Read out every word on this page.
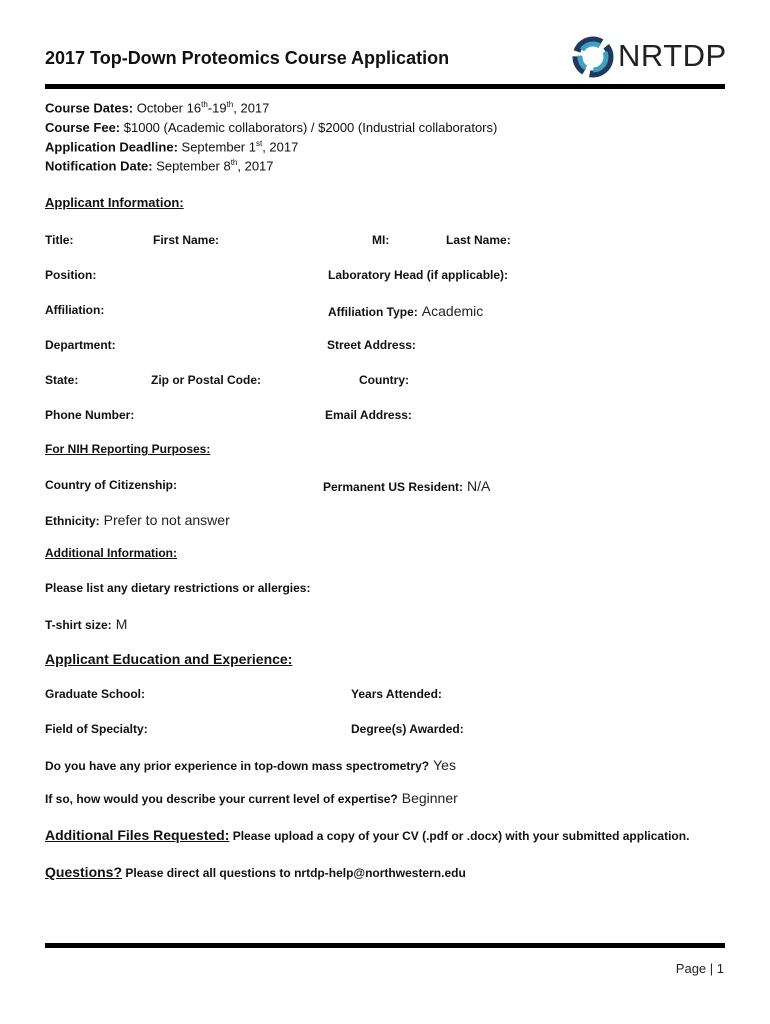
2017 Top-Down Proteomics Course Application	NRTDP
Course Dates: October 16th-19th, 2017
Course Fee: $1000 (Academic collaborators) / $2000 (Industrial collaborators)
Application Deadline: September 1st, 2017
Notification Date: September 8th, 2017
Applicant Information:
Title:	First Name:	MI:	Last Name:
Position:	Laboratory Head (if applicable):
Affiliation:	Affiliation Type: Academic
Department:	Street Address:
State:	Zip or Postal Code:	Country:
Phone Number:	Email Address:
For NIH Reporting Purposes:
Country of Citizenship:	Permanent US Resident: N/A
Ethnicity: Prefer to not answer
Additional Information:
Please list any dietary restrictions or allergies:
T-shirt size: M
Applicant Education and Experience:
Graduate School:	Years Attended:
Field of Specialty:	Degree(s) Awarded:
Do you have any prior experience in top-down mass spectrometry? Yes
If so, how would you describe your current level of expertise? Beginner
Additional Files Requested: Please upload a copy of your CV (.pdf or .docx) with your submitted application.
Questions? Please direct all questions to nrtdp-help@northwestern.edu
Page | 1
